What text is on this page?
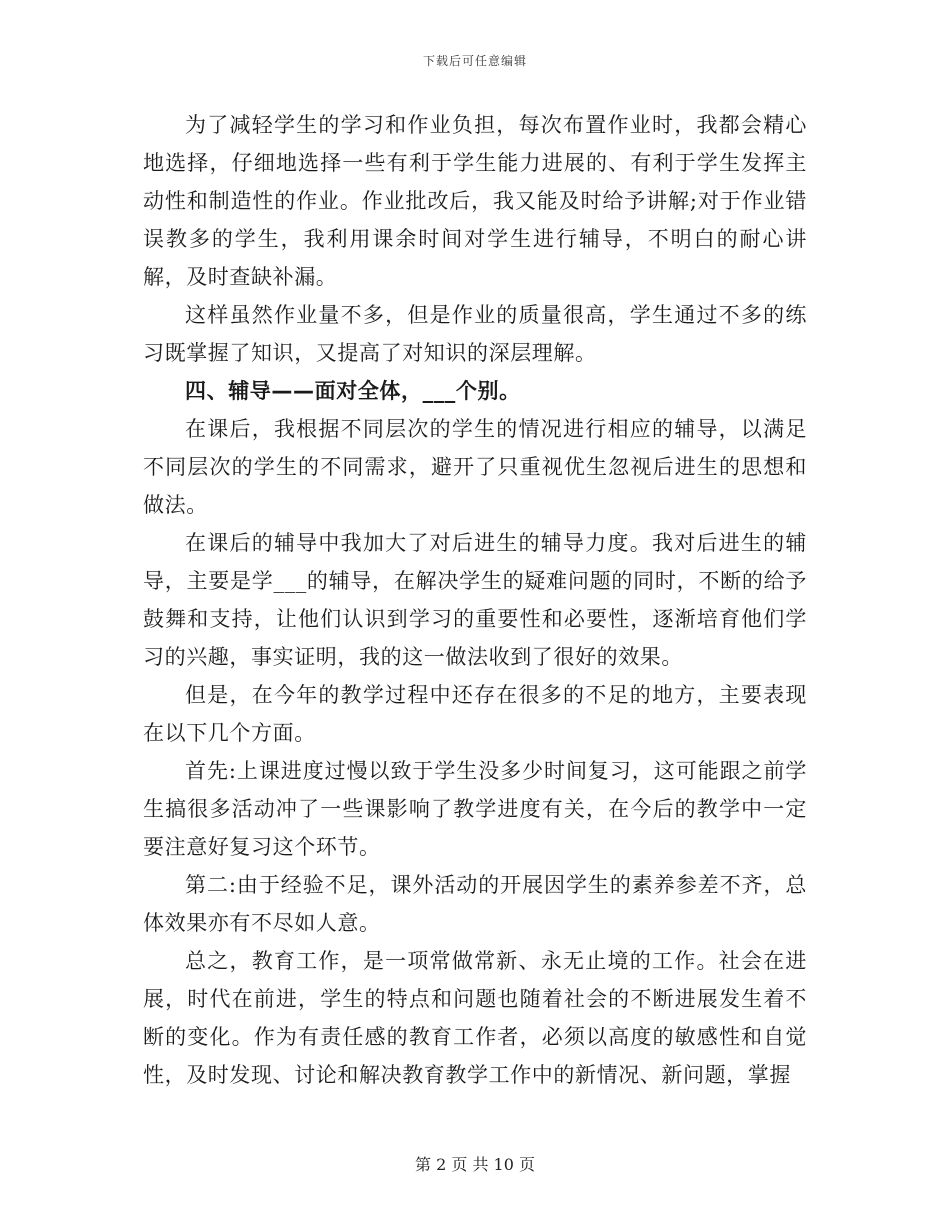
下载后可任意编辑

为了减轻学生的学习和作业负担，每次布置作业时，我都会精心地选择，仔细地选择一些有利于学生能力进展的、有利于学生发挥主动性和制造性的作业。作业批改后，我又能及时给予讲解;对于作业错误教多的学生，我利用课余时间对学生进行辅导，不明白的耐心讲解，及时查缺补漏。

这样虽然作业量不多，但是作业的质量很高，学生通过不多的练习既掌握了知识，又提高了对知识的深层理解。

四、辅导——面对全体，___个别。

在课后，我根据不同层次的学生的情况进行相应的辅导，以满足不同层次的学生的不同需求，避开了只重视优生忽视后进生的思想和做法。

在课后的辅导中我加大了对后进生的辅导力度。我对后进生的辅导，主要是学___的辅导，在解决学生的疑难问题的同时，不断的给予鼓舞和支持，让他们认识到学习的重要性和必要性，逐渐培育他们学习的兴趣，事实证明，我的这一做法收到了很好的效果。

但是，在今年的教学过程中还存在很多的不足的地方，主要表现在以下几个方面。

首先:上课进度过慢以致于学生没多少时间复习，这可能跟之前学生搞很多活动冲了一些课影响了教学进度有关，在今后的教学中一定要注意好复习这个环节。

第二:由于经验不足，课外活动的开展因学生的素养参差不齐，总体效果亦有不尽如人意。

总之，教育工作，是一项常做常新、永无止境的工作。社会在进展，时代在前进，学生的特点和问题也随着社会的不断进展发生着不断的变化。作为有责任感的教育工作者，必须以高度的敏感性和自觉性，及时发现、讨论和解决教育教学工作中的新情况、新问题，掌握

第 2 页 共 10 页
